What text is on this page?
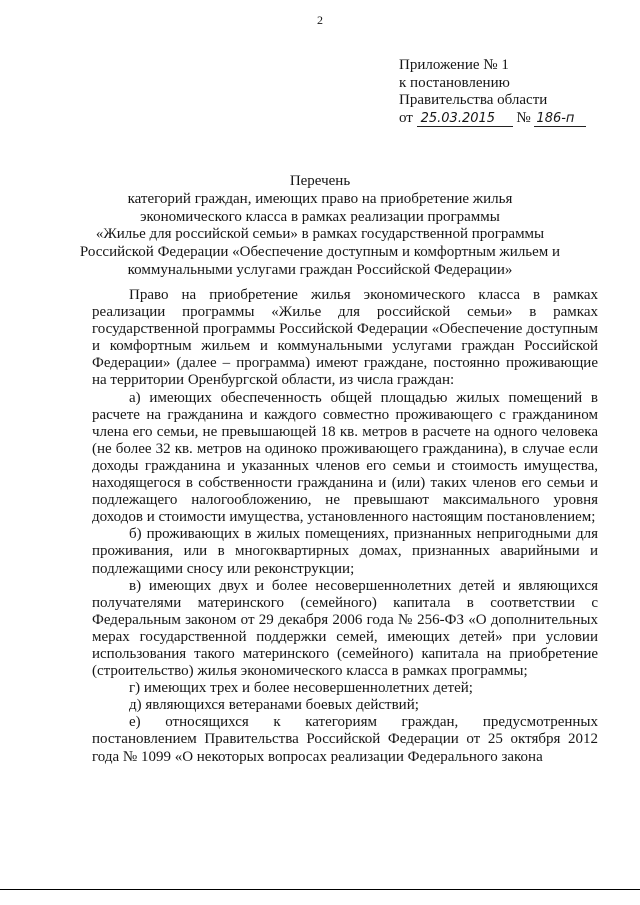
2
Приложение № 1
к постановлению
Правительства области
от 25.03.2015 № 186-п
Перечень
категорий граждан, имеющих право на приобретение жилья
экономического класса в рамках реализации программы
«Жилье для российской семьи» в рамках государственной программы
Российской Федерации «Обеспечение доступным и комфортным жильем и
коммунальными услугами граждан Российской Федерации»

Право на приобретение жилья экономического класса в рамках реализации программы «Жилье для российской семьи» в рамках государственной программы Российской Федерации «Обеспечение доступным и комфортным жильем и коммунальными услугами граждан Российской Федерации» (далее – программа) имеют граждане, постоянно проживающие на территории Оренбургской области, из числа граждан:

а) имеющих обеспеченность общей площадью жилых помещений в расчете на гражданина и каждого совместно проживающего с гражданином члена его семьи, не превышающей 18 кв. метров в расчете на одного человека (не более 32 кв. метров на одиноко проживающего гражданина), в случае если доходы гражданина и указанных членов его семьи и стоимость имущества, находящегося в собственности гражданина и (или) таких членов его семьи и подлежащего налогообложению, не превышают максимального уровня доходов и стоимости имущества, установленного настоящим постановлением;

б) проживающих в жилых помещениях, признанных непригодными для проживания, или в многоквартирных домах, признанных аварийными и подлежащими сносу или реконструкции;

в) имеющих двух и более несовершеннолетних детей и являющихся получателями материнского (семейного) капитала в соответствии с Федеральным законом от 29 декабря 2006 года № 256-ФЗ «О дополнительных мерах государственной поддержки семей, имеющих детей» при условии использования такого материнского (семейного) капитала на приобретение (строительство) жилья экономического класса в рамках программы;

г) имеющих трех и более несовершеннолетних детей;

д) являющихся ветеранами боевых действий;

е) относящихся к категориям граждан, предусмотренных постановлением Правительства Российской Федерации от 25 октября 2012 года № 1099 «О некоторых вопросах реализации Федерального закона
